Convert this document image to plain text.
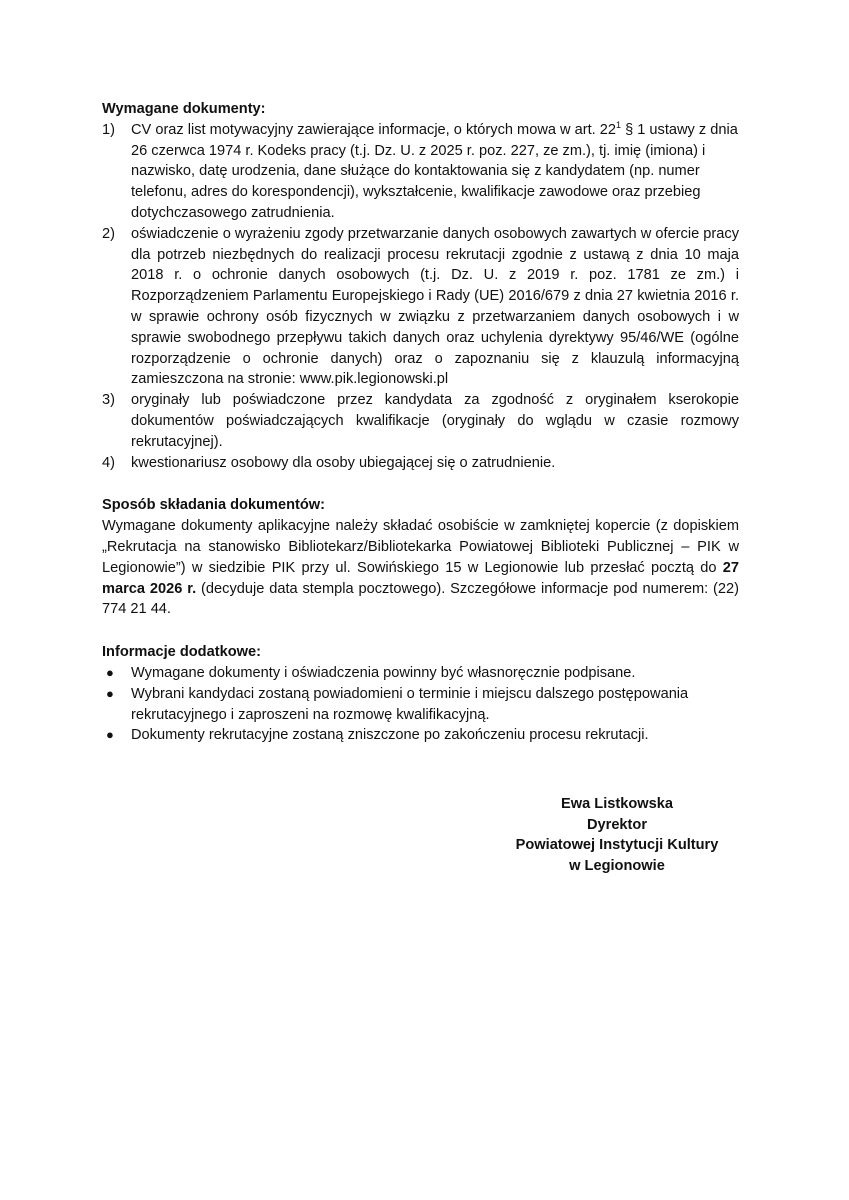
Wymagane dokumenty:

1) CV oraz list motywacyjny zawierające informacje, o których mowa w art. $22^1$ § 1 ustawy z dnia 26 czerwca 1974 r. Kodeks pracy (t.j. Dz. U. z 2025 r. poz. 227, ze zm.), tj. imię (imiona) i nazwisko, datę urodzenia, dane służące do kontaktowania się z kandydatem (np. numer telefonu, adres do korespondencji), wykształcenie, kwalifikacje zawodowe oraz przebieg dotychczasowego zatrudnienia.
2) oświadczenie o wyrażeniu zgody przetwarzanie danych osobowych zawartych w ofercie pracy dla potrzeb niezbędnych do realizacji procesu rekrutacji zgodnie z ustawą z dnia 10 maja 2018 r. o ochronie danych osobowych (t.j. Dz. U. z 2019 r. poz. 1781 ze zm.) i Rozporządzeniem Parlamentu Europejskiego i Rady (UE) 2016/679 z dnia 27 kwietnia 2016 r. w sprawie ochrony osób fizycznych w związku z przetwarzaniem danych osobowych i w sprawie swobodnego przepływu takich danych oraz uchylenia dyrektywy 95/46/WE (ogólne rozporządzenie o ochronie danych) oraz o zapoznaniu się z klauzulą informacyjną zamieszczona na stronie: www.pik.legionowski.pl
3) oryginały lub poświadczone przez kandydata za zgodność z oryginałem kserokopie dokumentów poświadczających kwalifikacje (oryginały do wglądu w czasie rozmowy rekrutacyjnej).
4) kwestionariusz osobowy dla osoby ubiegającej się o zatrudnienie.

Sposób składania dokumentów:

Wymagane dokumenty aplikacyjne należy składać osobiście w zamkniętej kopercie (z dopiskiem „Rekrutacja na stanowisko Bibliotekarz/Bibliotekarka Powiatowej Biblioteki Publicznej – PIK w Legionowie”) w siedzibie PIK przy ul. Sowińskiego 15 w Legionowie lub przesłać pocztą do 27 marca 2026 r. (decyduje data stempla pocztowego). Szczegółowe informacje pod numerem: (22) 774 21 44.

Informacje dodatkowe:

● Wymagane dokumenty i oświadczenia powinny być własnoręcznie podpisane.
● Wybrani kandydaci zostaną powiadomieni o terminie i miejscu dalszego postępowania rekrutacyjnego i zaproszeni na rozmowę kwalifikacyjną.
● Dokumenty rekrutacyjne zostaną zniszczone po zakończeniu procesu rekrutacji.
Ewa Listkowska
Dyrektor
Powiatowej Instytucji Kultury
w Legionowie
